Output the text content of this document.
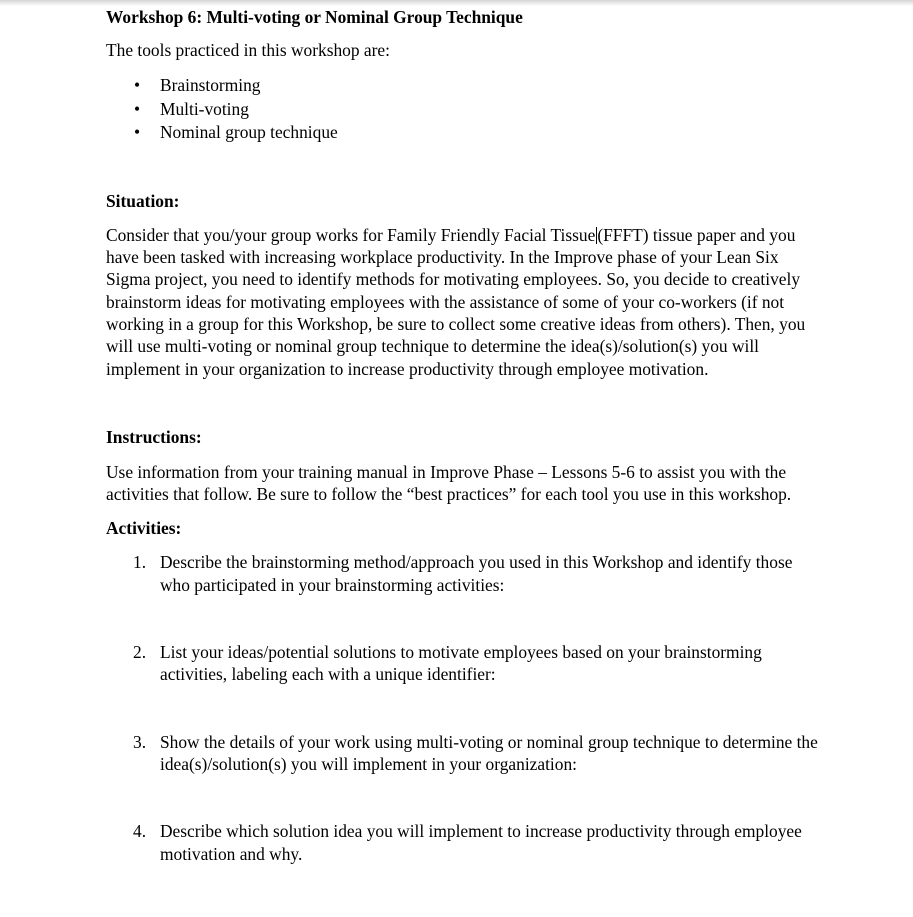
Workshop 6: Multi-voting or Nominal Group Technique

The tools practiced in this workshop are:

• Brainstorming
• Multi-voting
• Nominal group technique
Situation:

Consider that you/your group works for Family Friendly Facial Tissue (FFFT) tissue paper and you have been tasked with increasing workplace productivity. In the Improve phase of your Lean Six Sigma project, you need to identify methods for motivating employees. So, you decide to creatively brainstorm ideas for motivating employees with the assistance of some of your co-workers (if not working in a group for this Workshop, be sure to collect some creative ideas from others). Then, you will use multi-voting or nominal group technique to determine the idea(s)/solution(s) you will implement in your organization to increase productivity through employee motivation.

Instructions:

Use information from your training manual in Improve Phase – Lessons 5-6 to assist you with the activities that follow. Be sure to follow the “best practices” for each tool you use in this workshop.

Activities:
1. Describe the brainstorming method/approach you used in this Workshop and identify those who participated in your brainstorming activities:
2. List your ideas/potential solutions to motivate employees based on your brainstorming activities, labeling each with a unique identifier:
3. Show the details of your work using multi-voting or nominal group technique to determine the idea(s)/solution(s) you will implement in your organization:
4. Describe which solution idea you will implement to increase productivity through employee motivation and why.
